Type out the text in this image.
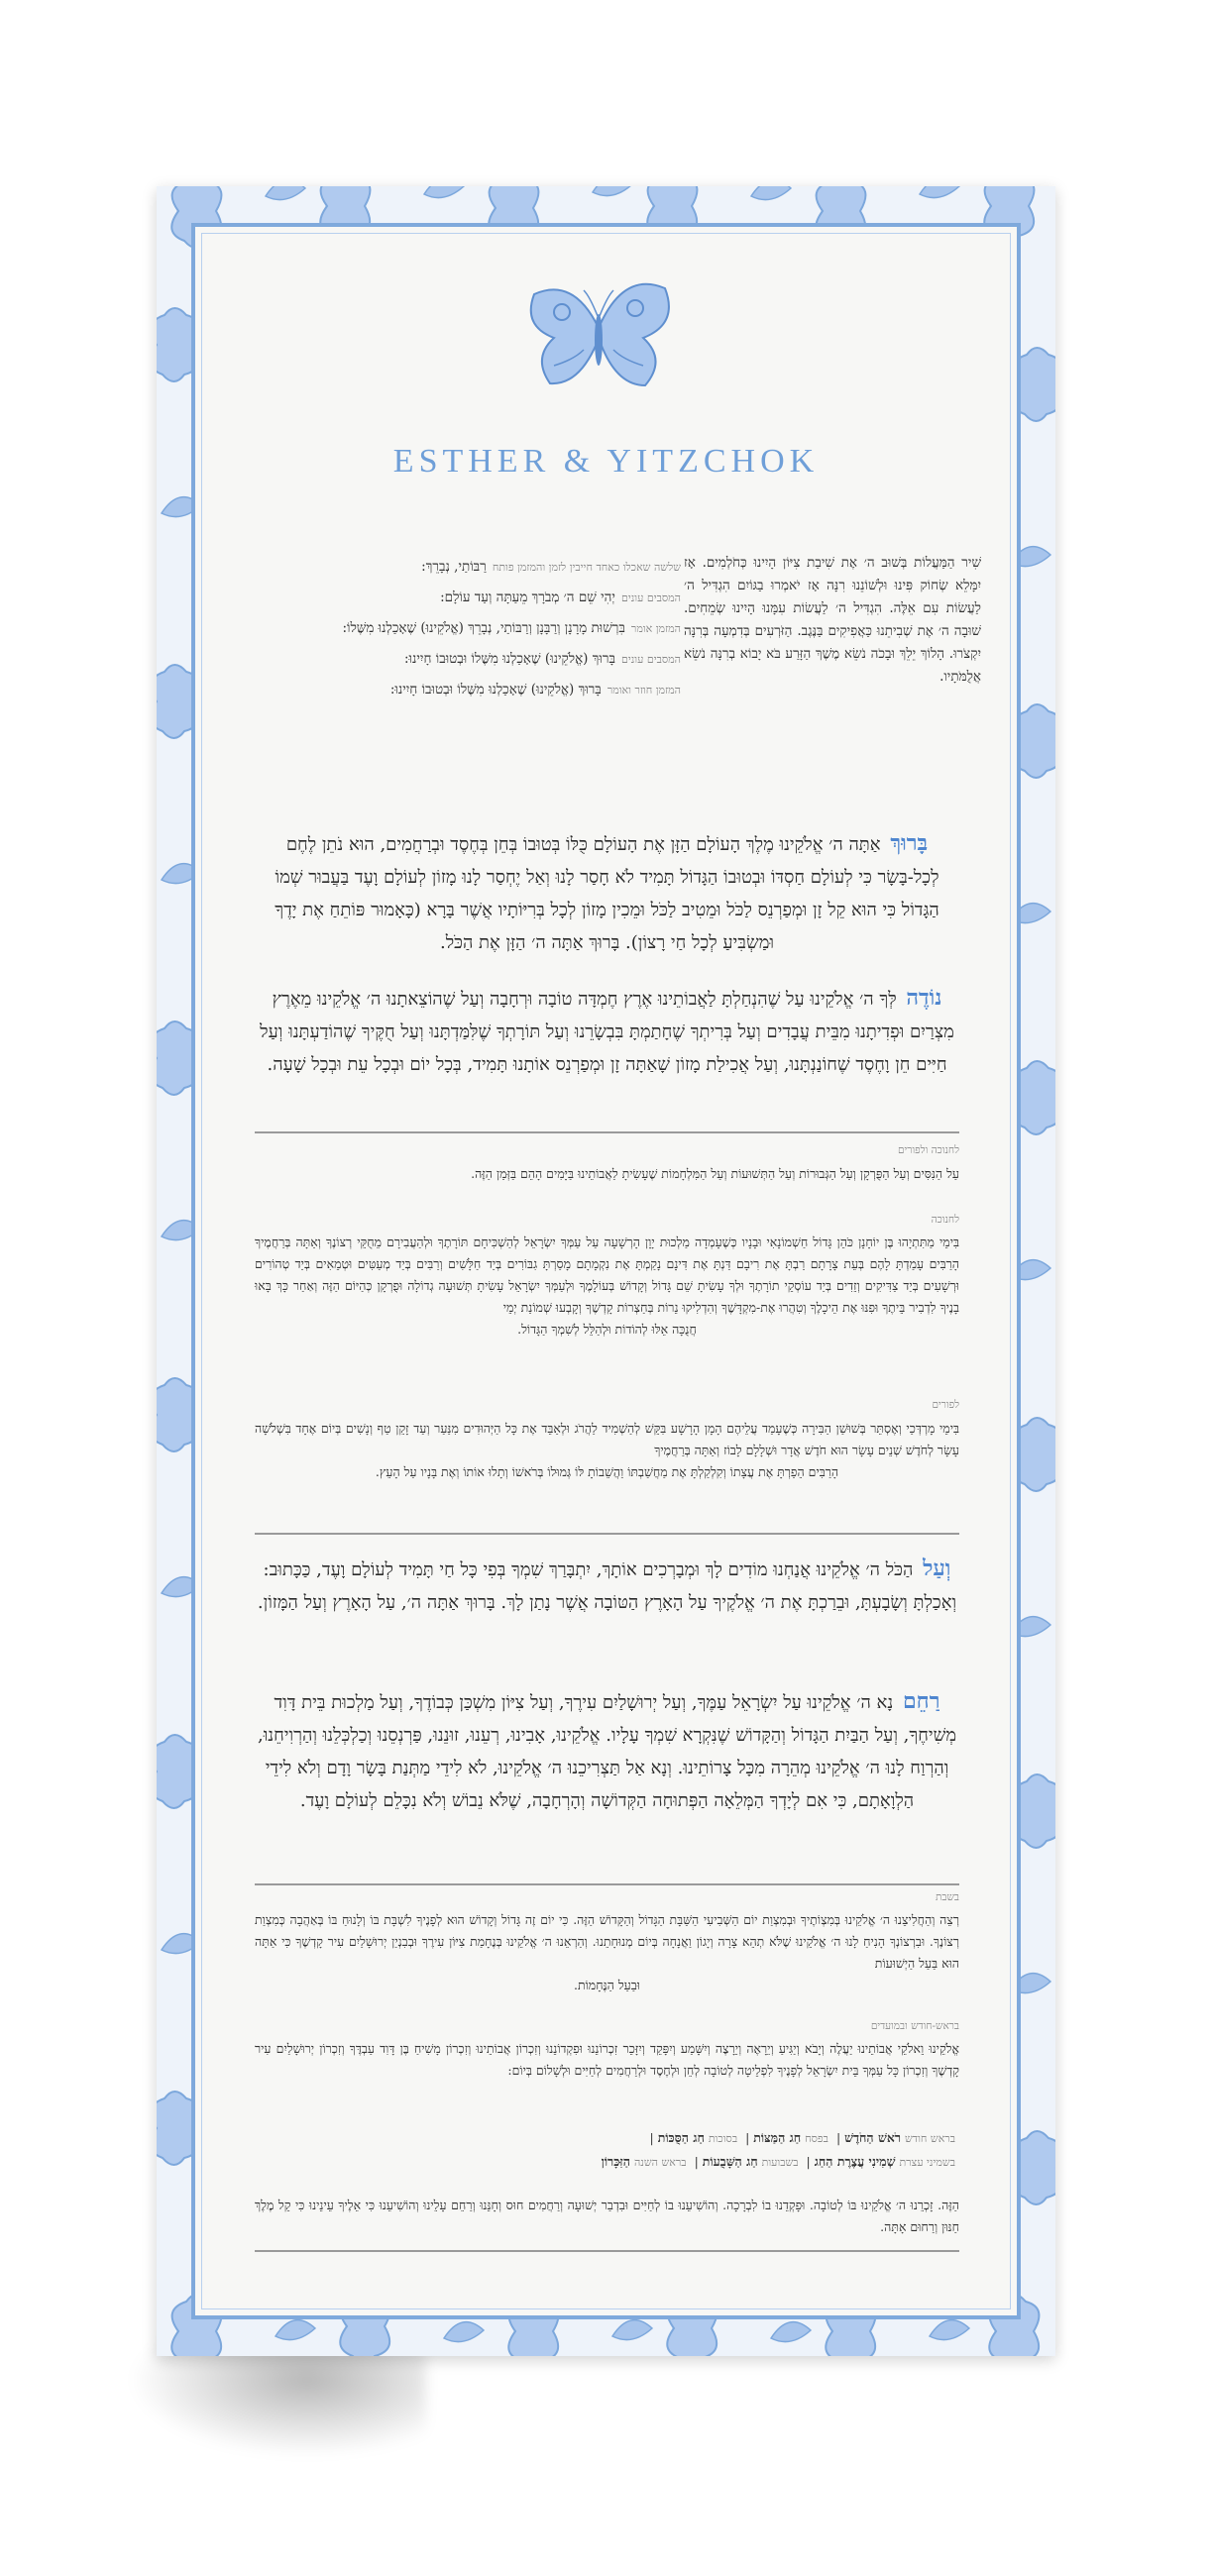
ESTHER & YITZCHOK
שִׁיר הַמַּעֲלוֹת בְּשׁוּב ה׳ אֶת שִׁיבַת צִיּוֹן הָיִינוּ כְּחֹלְמִים. אָז יִמָּלֵא שְׂחוֹק פִּינוּ וּלְשׁוֹנֵנוּ רִנָּה אָז יֹאמְרוּ בַגּוֹיִם הִגְדִּיל ה׳ לַעֲשׂוֹת עִם אֵלֶּה. הִגְדִּיל ה׳ לַעֲשׂוֹת עִמָּנוּ הָיִינוּ שְׂמֵחִים. שׁוּבָה ה׳ אֶת שְׁבִיתֵנוּ כַּאֲפִיקִים בַּנֶּגֶב. הַזֹּרְעִים בְּדִמְעָה בְּרִנָּה יִקְצֹרוּ. הָלוֹךְ יֵלֵךְ וּבָכֹה נֹשֵׂא מֶשֶׁךְ הַזָּרַע בֹּא יָבוֹא בְרִנָּה נֹשֵׂא אֲלֻמֹּתָיו.
שלשה שאכלו כאחד חייבין לזמן והמזמן פותחרַבּוֹתַי, נְבָרֵךְ:
המסבים עוניםיְהִי שֵׁם ה׳ מְבֹרָךְ מֵעַתָּה וְעַד עוֹלָם:
המזמן אומרבִּרְשׁוּת מָרָנָן וְרַבָּנָן וְרַבּוֹתַי, נְבָרֵךְ (אֱלֹקֵינוּ) שֶׁאָכַלְנוּ מִשֶּׁלוֹ:
המסבים עוניםבָּרוּךְ (אֱלֹקֵינוּ) שֶׁאָכַלְנוּ מִשֶּׁלוֹ וּבְטוּבוֹ חָיִינוּ:
המזמן חוזר ואומרבָּרוּךְ (אֱלֹקֵינוּ) שֶׁאָכַלְנוּ מִשֶּׁלוֹ וּבְטוּבוֹ חָיִינוּ:
בָּרוּךְ אַתָּה ה׳ אֱלֹקֵינוּ מֶלֶךְ הָעוֹלָם הַזָּן אֶת הָעוֹלָם כֻּלּוֹ בְּטוּבוֹ בְּחֵן בְּחֶסֶד וּבְרַחֲמִים, הוּא נֹתֵן לֶחֶם לְכָל-בָּשָׂר כִּי לְעוֹלָם חַסְדּוֹ וּבְטוּבוֹ הַגָּדוֹל תָּמִיד לֹא חָסַר לָנוּ וְאַל יֶחְסַר לָנוּ מָזוֹן לְעוֹלָם וָעֶד בַּעֲבוּר שְׁמוֹ הַגָּדוֹל כִּי הוּא קֵל זָן וּמְפַרְנֵס לַכֹּל וּמֵטִיב לַכֹּל וּמֵכִין מָזוֹן לְכָל בְּרִיּוֹתָיו אֲשֶׁר בָּרָא (כָּאָמוּר פּוֹתֵחַ אֶת יָדֶךָ וּמַשְׂבִּיעַ לְכָל חַי רָצוֹן). בָּרוּךְ אַתָּה ה׳ הַזָּן אֶת הַכֹּל.
נוֹדֶה לְּךָ ה׳ אֱלֹקֵינוּ עַל שֶׁהִנְחַלְתָּ לַאֲבוֹתֵינוּ אֶרֶץ חֶמְדָּה טוֹבָה וּרְחָבָה וְעַל שֶׁהוֹצֵאתָנוּ ה׳ אֱלֹקֵינוּ מֵאֶרֶץ מִצְרַיִם וּפְדִיתָנוּ מִבֵּית עֲבָדִים וְעַל בְּרִיתְךָ שֶׁחָתַמְתָּ בִּבְשָׂרֵנוּ וְעַל תּוֹרָתְךָ שֶׁלִּמַּדְתָּנוּ וְעַל חֻקֶּיךָ שֶׁהוֹדַעְתָּנוּ וְעַל חַיִּים חֵן וָחֶסֶד שֶׁחוֹנַנְתָּנוּ, וְעַל אֲכִילַת מָזוֹן שָׁאַתָּה זָן וּמְפַרְנֵס אוֹתָנוּ תָּמִיד, בְּכָל יוֹם וּבְכָל עֵת וּבְכָל שָׁעָה.
לחנוכה ולפורים
עַל הַנִּסִּים וְעַל הַפֻּרְקָן וְעַל הַגְּבוּרוֹת וְעַל הַתְּשׁוּעוֹת וְעַל הַמִּלְחָמוֹת שֶׁעָשִׂיתָ לַאֲבוֹתֵינוּ בַּיָּמִים הָהֵם בַּזְּמַן הַזֶּה.
לחנוכה
בִּימֵי מַתִּתְיָהוּ בֶּן יוֹחָנָן כֹּהֵן גָּדוֹל חַשְׁמוֹנָאִי וּבָנָיו כְּשֶׁעָמְדָה מַלְכוּת יָוָן הָרְשָׁעָה עַל עַמְּךָ יִשְׂרָאֵל לְהַשְׁכִּיחָם תּוֹרָתֶךָ וּלְהַעֲבִירָם מֵחֻקֵּי רְצוֹנֶךָ וְאַתָּה בְּרַחֲמֶיךָ הָרַבִּים עָמַדְתָּ לָהֶם בְּעֵת צָרָתָם רַבְתָּ אֶת רִיבָם דַּנְתָּ אֶת דִּינָם נָקַמְתָּ אֶת נִקְמָתָם מָסַרְתָּ גִבּוֹרִים בְּיַד חַלָּשִׁים וְרַבִּים בְּיַד מְעַטִּים וּטְמֵאִים בְּיַד טְהוֹרִים וּרְשָׁעִים בְּיַד צַדִּיקִים וְזֵדִים בְּיַד עוֹסְקֵי תוֹרָתֶךָ וּלְךָ עָשִׂיתָ שֵׁם גָּדוֹל וְקָדוֹשׁ בְּעוֹלָמֶךָ וּלְעַמְּךָ יִשְׂרָאֵל עָשִׂיתָ תְּשׁוּעָה גְדוֹלָה וּפֻרְקָן כְּהַיּוֹם הַזֶּה וְאַחַר כָּךְ בָּאוּ בָנֶיךָ לִדְבִיר בֵּיתֶךָ וּפִנּוּ אֶת הֵיכָלֶךָ וְטִהֲרוּ אֶת-מִקְדָּשֶׁךָ וְהִדְלִיקוּ נֵרוֹת בְּחַצְרוֹת קָדְשֶׁךָ וְקָבְעוּ שְׁמוֹנַת יְמֵי
חֲנֻכָּה אֵלּוּ לְהוֹדוֹת וּלְהַלֵּל לְשִׁמְךָ הַגָּדוֹל.
לפורים
בִּימֵי מָרְדְּכַי וְאֶסְתֵּר בְּשׁוּשַׁן הַבִּירָה כְּשֶׁעָמַד עֲלֵיהֶם הָמָן הָרָשָׁע בִּקֵּשׁ לְהַשְׁמִיד לַהֲרֹג וּלְאַבֵּד אֶת כָּל הַיְּהוּדִים מִנַּעַר וְעַד זָקֵן טַף וְנָשִׁים בְּיוֹם אֶחָד בִּשְׁלֹשָׁה עָשָׂר לְחֹדֶשׁ שְׁנֵים עָשָׂר הוּא חֹדֶשׁ אֲדָר וּשְׁלָלָם לָבוֹז וְאַתָּה בְּרַחֲמֶיךָ
הָרַבִּים הֵפַרְתָּ אֶת עֲצָתוֹ וְקִלְקַלְתָּ אֶת מַחֲשַׁבְתּוֹ וַהֲשֵׁבוֹתָ לּוֹ גְּמוּלוֹ בְּרֹאשׁוֹ וְתָלוּ אוֹתוֹ וְאֶת בָּנָיו עַל הָעֵץ.
וְעַל הַכֹּל ה׳ אֱלֹקֵינוּ אֲנַחְנוּ מוֹדִים לָךְ וּמְבָרְכִים אוֹתָךְ, יִתְבָּרַךְ שִׁמְךָ בְּפִי כָּל חַי תָּמִיד לְעוֹלָם וָעֶד, כַּכָּתוּב: וְאָכַלְתָּ וְשָׂבָעְתָּ, וּבֵרַכְתָּ אֶת ה׳ אֱלֹקֶיךָ עַל הָאָרֶץ הַטּוֹבָה אֲשֶׁר נָתַן לָךְ. בָּרוּךְ אַתָּה ה׳, עַל הָאָרֶץ וְעַל הַמָּזוֹן.
רַחֵם נָא ה׳ אֱלֹקֵינוּ עַל יִשְׂרָאֵל עַמֶּךָ, וְעַל יְרוּשָׁלַיִם עִירֶךָ, וְעַל צִיּוֹן מִשְׁכַּן כְּבוֹדֶךָ, וְעַל מַלְכוּת בֵּית דָּוִד מְשִׁיחֶךָ, וְעַל הַבַּיִת הַגָּדוֹל וְהַקָּדוֹשׁ שֶׁנִּקְרָא שִׁמְךָ עָלָיו. אֱלֹקֵינוּ, אָבִינוּ, רְעֵנוּ, זוּנֵנוּ, פַּרְנְסֵנוּ וְכַלְכְּלֵנוּ וְהַרְוִיחֵנוּ, וְהַרְוַח לָנוּ ה׳ אֱלֹקֵינוּ מְהֵרָה מִכָּל צָרוֹתֵינוּ. וְנָא אַל תַּצְרִיכֵנוּ ה׳ אֱלֹקֵינוּ, לֹא לִידֵי מַתְּנַת בָּשָׂר וָדָם וְלֹא לִידֵי הַלְוָאָתָם, כִּי אִם לְיָדְךָ הַמְּלֵאָה הַפְּתוּחָה הַקְּדוֹשָׁה וְהָרְחָבָה, שֶׁלֹּא נֵבוֹשׁ וְלֹא נִכָּלֵם לְעוֹלָם וָעֶד.
בשבת
רְצֵה וְהַחֲלִיצֵנוּ ה׳ אֱלֹקֵינוּ בְּמִצְוֹתֶיךָ וּבְמִצְוַת יוֹם הַשְּׁבִיעִי הַשַּׁבָּת הַגָּדוֹל וְהַקָּדוֹשׁ הַזֶּה. כִּי יוֹם זֶה גָּדוֹל וְקָדוֹשׁ הוּא לְפָנֶיךָ לִשְׁבָּת בּוֹ וְלָנוּחַ בּוֹ בְּאַהֲבָה כְּמִצְוַת רְצוֹנֶךָ. וּבִרְצוֹנְךָ הָנִיחַ לָנוּ ה׳ אֱלֹקֵינוּ שֶׁלֹּא תְהֵא צָרָה וְיָגוֹן וַאֲנָחָה בְּיוֹם מְנוּחָתֵנוּ. וְהַרְאֵנוּ ה׳ אֱלֹקֵינוּ בְּנֶחָמַת צִיּוֹן עִירֶךָ וּבְבִנְיַן יְרוּשָׁלַיִם עִיר קָדְשֶׁךָ כִּי אַתָּה הוּא בַּעַל הַיְשׁוּעוֹת
וּבַעַל הַנֶּחָמוֹת.
בראש-חודש ובמועדים
אֱלֹקֵינוּ וֵאלֹקֵי אֲבוֹתֵינוּ יַעֲלֶה וְיָבֹא וְיַגִּיעַ וְיֵרָאֶה וְיֵרָצֶה וְיִשָּׁמַע וְיִפָּקֵד וְיִזָּכֵר זִכְרוֹנֵנוּ וּפִקְדוֹנֵנוּ וְזִכְרוֹן אֲבוֹתֵינוּ וְזִכְרוֹן מָשִׁיחַ בֶּן דָּוִד עַבְדֶּךָ וְזִכְרוֹן יְרוּשָׁלַיִם עִיר קָדְשֶׁךָ וְזִכְרוֹן כָּל עַמְּךָ בֵּית יִשְׂרָאֵל לְפָנֶיךָ לִפְלֵיטָה לְטוֹבָה לְחֵן וּלְחֶסֶד וּלְרַחֲמִים לְחַיִּים וּלְשָׁלוֹם בְּיוֹם:
בראש חודשרֹאשׁ הַחֹדֶשׁ | בפסחחַג הַמַּצּוֹת | בסוכותחַג הַסֻּכּוֹת |
בשמיני עצרתשְׁמִינִי עֲצֶרֶת הַחַג | בשבועותחַג הַשָּׁבֻעוֹת | בראש השנההַזִּכָּרוֹן
הַזֶּה. זָכְרֵנוּ ה׳ אֱלֹקֵינוּ בּוֹ לְטוֹבָה. וּפָקְדֵנוּ בוֹ לִבְרָכָה. וְהוֹשִׁיעֵנוּ בוֹ לְחַיִּים וּבִדְבַר יְשׁוּעָה וְרַחֲמִים חוּס וְחָנֵּנוּ וְרַחֵם עָלֵינוּ וְהוֹשִׁיעֵנוּ כִּי אֵלֶיךָ עֵינֵינוּ כִּי קֵל מֶלֶךְ חַנּוּן וְרַחוּם אָתָּה.
